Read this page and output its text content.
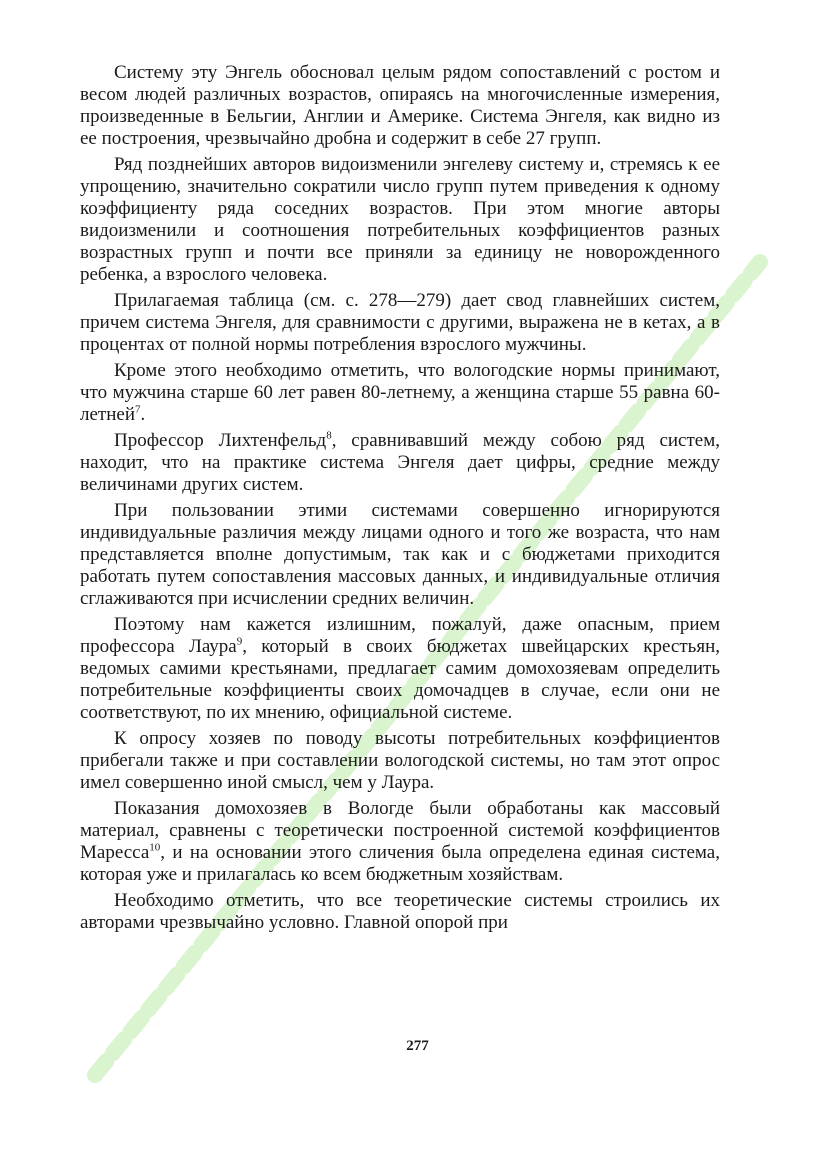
Систему эту Энгель обосновал целым рядом сопоставлений с ростом и весом людей различных возрастов, опираясь на многочисленные измерения, произведенные в Бельгии, Англии и Америке. Система Энгеля, как видно из ее построения, чрезвычайно дробна и содержит в себе 27 групп.

Ряд позднейших авторов видоизменили энгелеву систему и, стремясь к ее упрощению, значительно сократили число групп путем приведения к одному коэффициенту ряда соседних возрастов. При этом многие авторы видоизменили и соотношения потребительных коэффициентов разных возрастных групп и почти все приняли за единицу не новорожденного ребенка, а взрослого человека.

Прилагаемая таблица (см. с. 278—279) дает свод главнейших систем, причем система Энгеля, для сравнимости с другими, выражена не в кетах, а в процентах от полной нормы потребления взрослого мужчины.

Кроме этого необходимо отметить, что вологодские нормы принимают, что мужчина старше 60 лет равен 80-летнему, а женщина старше 55 равна 60-летней$^7$.

Профессор Лихтенфельд$^8$, сравнивавший между собою ряд систем, находит, что на практике система Энгеля дает цифры, средние между величинами других систем.

При пользовании этими системами совершенно игнорируются индивидуальные различия между лицами одного и того же возраста, что нам представляется вполне допустимым, так как и с бюджетами приходится работать путем сопоставления массовых данных, и индивидуальные отличия сглаживаются при исчислении средних величин.

Поэтому нам кажется излишним, пожалуй, даже опасным, прием профессора Лаура$^9$, который в своих бюджетах швейцарских крестьян, ведомых самими крестьянами, предлагает самим домохозяевам определить потребительные коэффициенты своих домочадцев в случае, если они не соответствуют, по их мнению, официальной системе.

К опросу хозяев по поводу высоты потребительных коэффициентов прибегали также и при составлении вологодской системы, но там этот опрос имел совершенно иной смысл, чем у Лаура.

Показания домохозяев в Вологде были обработаны как массовый материал, сравнены с теоретически построенной системой коэффициентов Маресса$^{10}$, и на основании этого сличения была определена единая система, которая уже и прилагалась ко всем бюджетным хозяйствам.

Необходимо отметить, что все теоретические системы строились их авторами чрезвычайно условно. Главной опорой при

277
